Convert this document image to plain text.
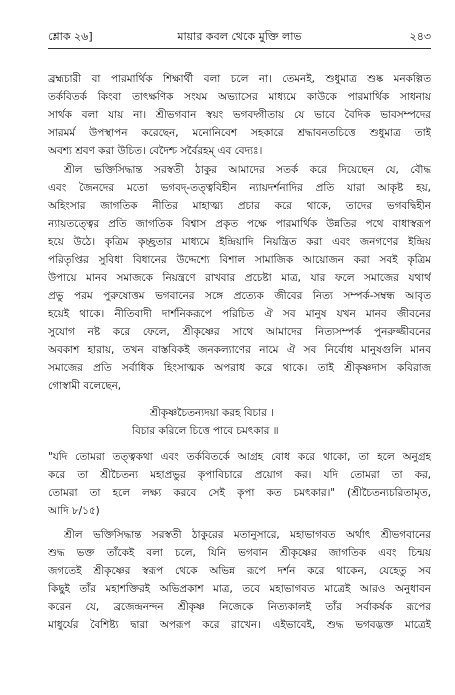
শ্লোক ২৬]	মায়ার কবল থেকে মুক্তি লাভ	২৪৩
ব্রহ্মচারী বা পারমার্থিক শিক্ষার্থী বলা চলে না। তেমনই, শুধুমাত্র শুষ্ক মনকল্পিত
তর্কবিতর্ক কিংবা তাৎক্ষণিক সংযম অভ্যাসের মাধ্যমে কাউকে পারমার্থিক সাধনায়
সার্থক বলা যায় না। শ্রীভগবান স্বয়ং ভগবদ্গীতায় যে ভাবে বৈদিক ভাবসম্পদের
সারমর্ম উপস্থাপন করেছেন, মনোনিবেশ সহকারে শ্রদ্ধাবনতচিত্তে শুধুমাত্র তাই
অবশ্য শ্রবণ করা উচিত। বেদৈশ্চ সর্বৈরহম্ এব বেদ্যঃ।
শ্রীল ভক্তিসিদ্ধান্ত সরস্বতী ঠাকুর আমাদের সতর্ক করে দিয়েছেন যে, বৌদ্ধ
এবং জৈনদের মতো ভগবদ্-তত্ত্ববিহীন ন্যায়দর্শনাদির প্রতি যারা আকৃষ্ট হয়,
অহিংসার জাগতিক নীতির মাহাত্ম্য প্রচার করে থাকে, তাদের ভগবদ্বিহীন
ন্যায়তত্ত্বের প্রতি জাগতিক বিশ্বাস প্রকৃত পক্ষে পারমার্থিক উন্নতির পথে বাধাস্বরূপ
হয়ে উঠে। কৃত্রিম কৃচ্ছ্রতার মাধ্যমে ইন্দ্রিয়াদি নিয়ন্ত্রিত করা এবং জনগণের ইন্দ্রিয়
পরিতৃপ্তির সুবিধা বিধানের উদ্দেশ্যে বিশাল সামাজিক আয়োজন করা সবই কৃত্রিম
উপায়ে মানব সমাজকে নিয়ন্ত্রণে রাখবার প্রচেষ্টা মাত্র, যার ফলে সমাজের যথার্থ
প্রভু পরম পুরুষোত্তম ভগবানের সঙ্গে প্রত্যেক জীবের নিত্য সম্পর্ক-সম্বন্ধ আবৃত
হয়েই থাকে। নীতিবাদী দার্শনিকরূপে পরিচিত ঐ সব মানুষ যখন মানব জীবনের
সুযোগ নষ্ট করে ফেলে, শ্রীকৃষ্ণের সাথে আমাদের নিত্যসম্পর্ক পুনরুজ্জীবনের
অবকাশ হারায়, তখন বাস্তবিকই জনকল্যাণের নামে ঐ সব নির্বোধ মানুষগুলি মানব
সমাজের প্রতি সর্বাধিক হিংসাত্মক অপরাধ করে থাকে। তাই শ্রীকৃষ্ণদাস কবিরাজ
গোস্বামী বলেছেন,
শ্রীকৃষ্ণচৈতন্যদয়া করহ বিচার ।
বিচার করিলে চিত্তে পাবে চমৎকার ॥
"যদি তোমরা তত্ত্বকথা এবং তর্কবিতর্কে আগ্রহ বোধ করে থাকো, তা হলে অনুগ্রহ
করে তা শ্রীচৈতন্য মহাপ্রভুর কৃপাবিচারে প্রয়োগ কর। যদি তোমরা তা কর,
তোমরা তা হলে লক্ষ্য করবে সেই কৃপা কত চমৎকার।" (শ্রীচৈতন্যচরিতামৃত,
আদি ৮/১৫)
শ্রীল ভক্তিসিদ্ধান্ত সরস্বতী ঠাকুরের মতানুসারে, মহাভাগবত অর্থাৎ শ্রীভগবানের
শুদ্ধ ভক্ত তাঁকেই বলা চলে, যিনি ভগবান শ্রীকৃষ্ণের জাগতিক এবং চিন্ময়
জগতেই শ্রীকৃষ্ণের স্বরূপ থেকে অভিন্ন রূপে দর্শন করে থাকেন, যেহেতু সব
কিছুই তাঁর মহাশক্তিরই অভিপ্রকাশ মাত্র, তবে মহাভাগবত মাত্রেই আরও অনুধাবন
করেন যে, ব্রজেন্দ্রনন্দন শ্রীকৃষ্ণ নিজেকে নিত্যকালই তাঁর সর্বাকর্ষক রূপের
মাধুর্যের বৈশিষ্ট্য দ্বারা অপরূপ করে রাখেন। এইভাবেই, শুদ্ধ ভগবদ্ভক্ত মাত্রেই
